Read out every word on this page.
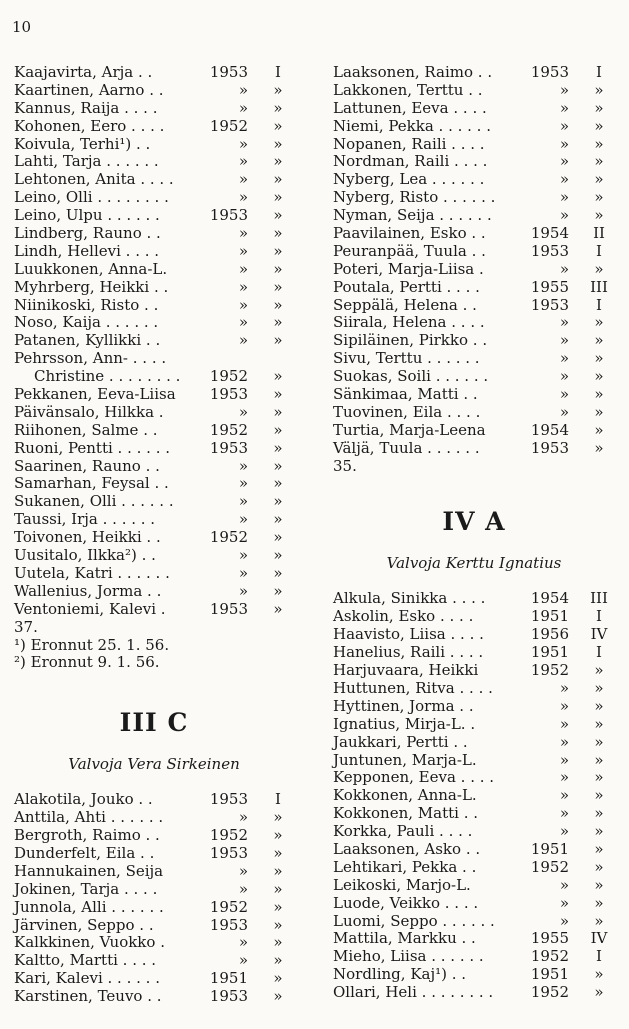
10
Kaajavirta, Arja . .	1953	I
Kaartinen, Aarno . .	»	»
Kannus, Raija . . . .	»	»
Kohonen, Eero . . . .	1952	»
Koivula, Terhi¹) . .	»	»
Lahti, Tarja . . . . . .	»	»
Lehtonen, Anita . . . .	»	»
Leino, Olli . . . . . . . .	»	»
Leino, Ulpu . . . . . .	1953	»
Lindberg, Rauno . .	»	»
Lindh, Hellevi . . . .	»	»
Luukkonen, Anna-L.	»	»
Myhrberg, Heikki . .	»	»
Niinikoski, Risto . .	»	»
Noso, Kaija . . . . . .	»	»
Patanen, Kyllikki . .	»	»
Pehrsson, Ann- . . . .
Christine . . . . . . . .	1952	»
Pekkanen, Eeva-Liisa	1953	»
Päivänsalo, Hilkka .	»	»
Riihonen, Salme . .	1952	»
Ruoni, Pentti . . . . . .	1953	»
Saarinen, Rauno . .	»	»
Samarhan, Feysal . .	»	»
Sukanen, Olli . . . . . .	»	»
Taussi, Irja . . . . . .	»	»
Toivonen, Heikki . .	1952	»
Uusitalo, Ilkka²) . .	»	»
Uutela, Katri . . . . . .	»	»
Wallenius, Jorma . .	»	»
Ventoniemi, Kalevi .	1953	»
37.
¹) Eronnut 25. 1. 56.
²) Eronnut 9. 1. 56.
III C
Valvoja Vera Sirkeinen
Alakotila, Jouko . .	1953	I
Anttila, Ahti . . . . . .	»	»
Bergroth, Raimo . .	1952	»
Dunderfelt, Eila . .	1953	»
Hannukainen, Seija	»	»
Jokinen, Tarja . . . .	»	»
Junnola, Alli . . . . . .	1952	»
Järvinen, Seppo . .	1953	»
Kalkkinen, Vuokko .	»	»
Kaltto, Martti . . . .	»	»
Kari, Kalevi . . . . . .	1951	»
Karstinen, Teuvo . .	1953	»
Laaksonen, Raimo . .	1953	I
Lakkonen, Terttu . .	»	»
Lattunen, Eeva . . . .	»	»
Niemi, Pekka . . . . . .	»	»
Nopanen, Raili . . . .	»	»
Nordman, Raili . . . .	»	»
Nyberg, Lea . . . . . .	»	»
Nyberg, Risto . . . . . .	»	»
Nyman, Seija . . . . . .	»	»
Paavilainen, Esko . .	1954	II
Peuranpää, Tuula . .	1953	I
Poteri, Marja-Liisa .	»	»
Poutala, Pertti . . . .	1955	III
Seppälä, Helena . .	1953	I
Siirala, Helena . . . .	»	»
Sipiläinen, Pirkko . .	»	»
Sivu, Terttu . . . . . .	»	»
Suokas, Soili . . . . . .	»	»
Sänkimaa, Matti . .	»	»
Tuovinen, Eila . . . .	»	»
Turtia, Marja-Leena	1954	»
Väljä, Tuula . . . . . .	1953	»
35.
IV A
Valvoja Kerttu Ignatius
Alkula, Sinikka . . . .	1954	III
Askolin, Esko . . . .	1951	I
Haavisto, Liisa . . . .	1956	IV
Hanelius, Raili . . . .	1951	I
Harjuvaara, Heikki	1952	»
Huttunen, Ritva . . . .	»	»
Hyttinen, Jorma . .	»	»
Ignatius, Mirja-L. .	»	»
Jaukkari, Pertti . .	»	»
Juntunen, Marja-L.	»	»
Kepponen, Eeva . . . .	»	»
Kokkonen, Anna-L.	»	»
Kokkonen, Matti . .	»	»
Korkka, Pauli . . . .	»	»
Laaksonen, Asko . .	1951	»
Lehtikari, Pekka . .	1952	»
Leikoski, Marjo-L.	»	»
Luode, Veikko . . . .	»	»
Luomi, Seppo . . . . . .	»	»
Mattila, Markku . .	1955	IV
Mieho, Liisa . . . . . .	1952	I
Nordling, Kaj¹) . .	1951	»
Ollari, Heli . . . . . . . .	1952	»
